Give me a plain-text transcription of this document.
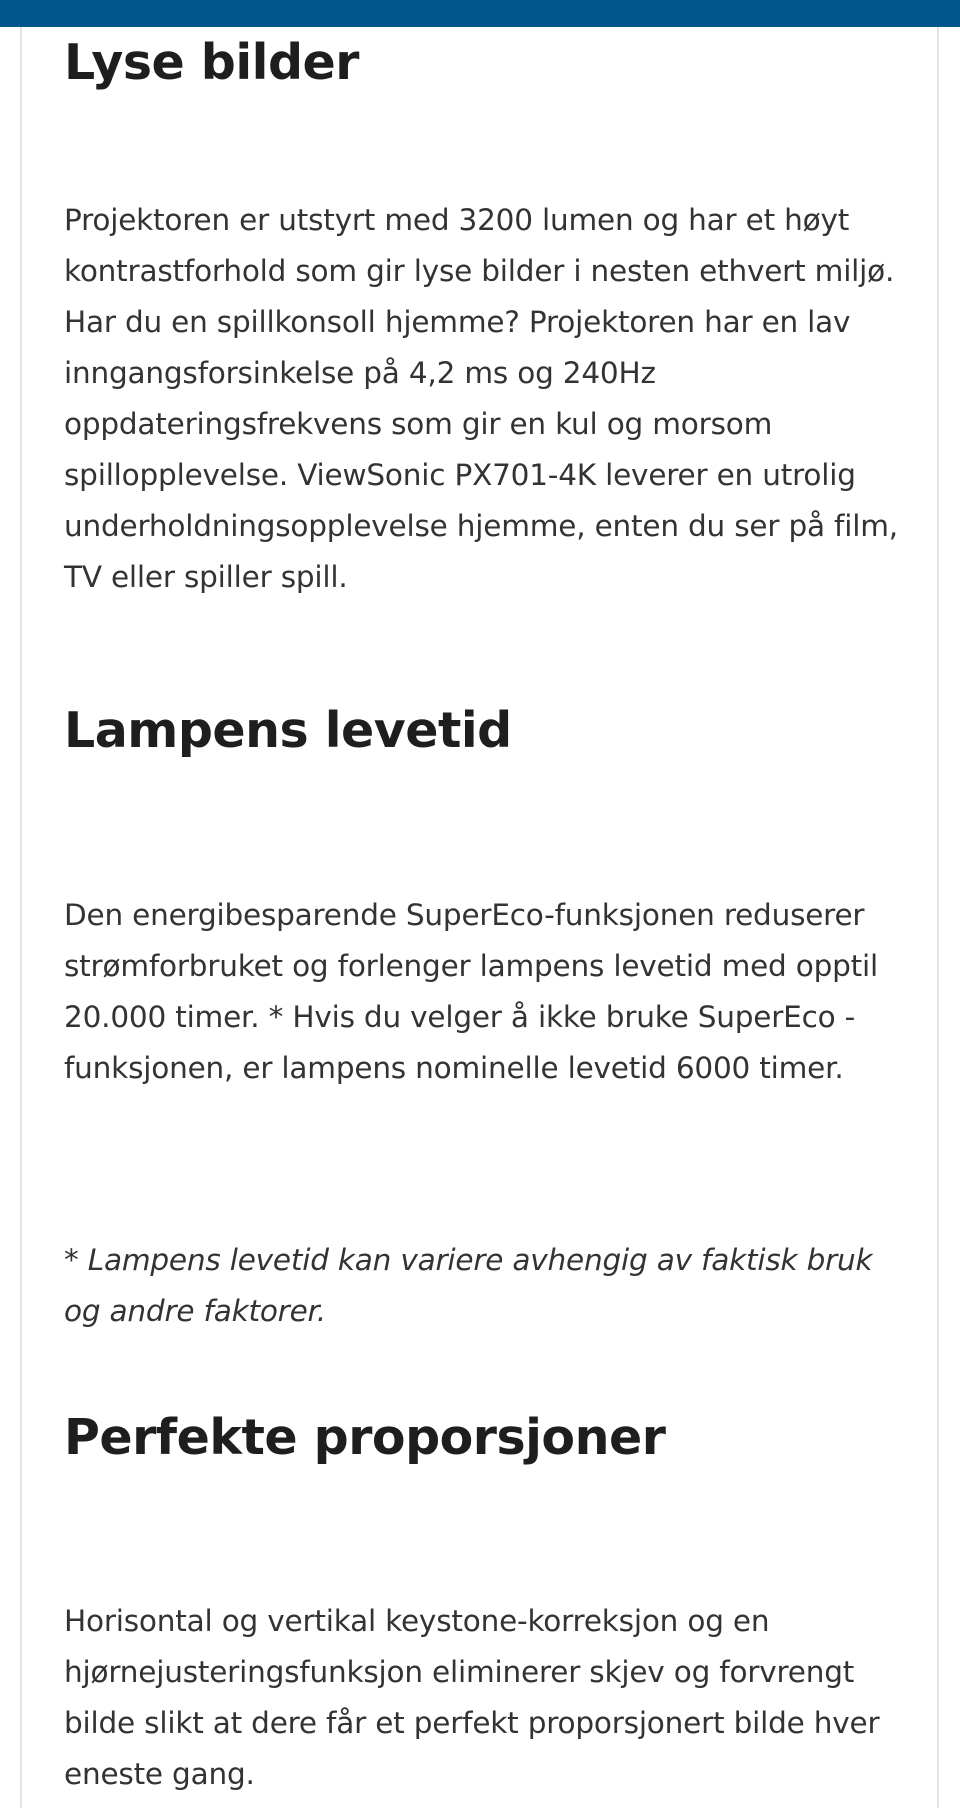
Lyse bilder

Projektoren er utstyrt med 3200 lumen og har et høyt kontrastforhold som gir lyse bilder i nesten ethvert miljø. Har du en spillkonsoll hjemme? Projektoren har en lav inngangsforsinkelse på 4,2 ms og 240Hz oppdateringsfrekvens som gir en kul og morsom spillopplevelse. ViewSonic PX701-4K leverer en utrolig underholdningsopplevelse hjemme, enten du ser på film, TV eller spiller spill.

Lampens levetid

Den energibesparende SuperEco-funksjonen reduserer strømforbruket og forlenger lampens levetid med opptil 20.000 timer. * Hvis du velger å ikke bruke SuperEco -funksjonen, er lampens nominelle levetid 6000 timer.

* Lampens levetid kan variere avhengig av faktisk bruk og andre faktorer.

Perfekte proporsjoner

Horisontal og vertikal keystone-korreksjon og en hjørnejusteringsfunksjon eliminerer skjev og forvrengt bilde slikt at dere får et perfekt proporsjonert bilde hver eneste gang.
